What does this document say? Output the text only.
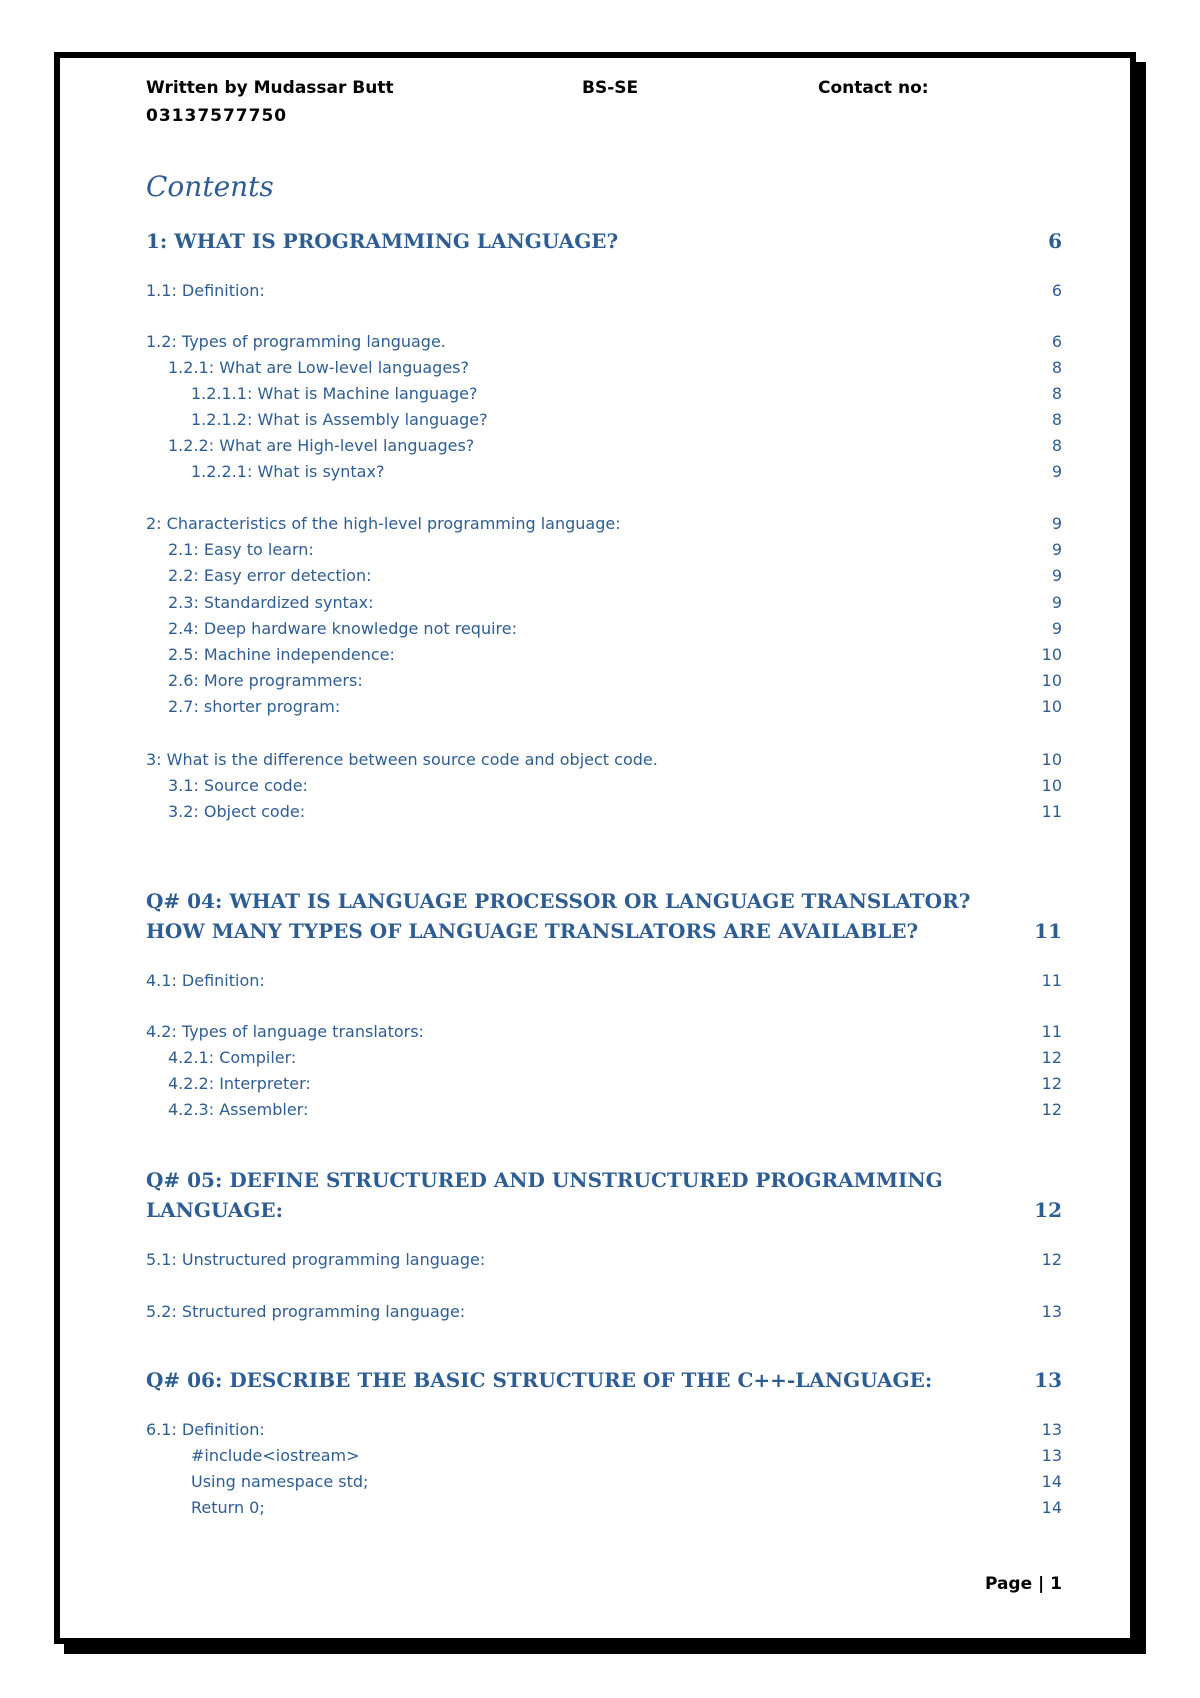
Written by Mudassar Butt	BS-SE	Contact no:
03137577750
Contents
1: WHAT IS PROGRAMMING LANGUAGE?	6
1.1: Definition:	6
1.2: Types of programming language.	6
1.2.1: What are Low-level languages?	8
1.2.1.1: What is Machine language?	8
1.2.1.2: What is Assembly language?	8
1.2.2: What are High-level languages?	8
1.2.2.1: What is syntax?	9
2: Characteristics of the high-level programming language:	9
2.1: Easy to learn:	9
2.2: Easy error detection:	9
2.3: Standardized syntax:	9
2.4: Deep hardware knowledge not require:	9
2.5: Machine independence:	10
2.6: More programmers:	10
2.7: shorter program:	10
3: What is the difference between source code and object code.	10
3.1: Source code:	10
3.2: Object code:	11
Q# 04: WHAT IS LANGUAGE PROCESSOR OR LANGUAGE TRANSLATOR? HOW MANY TYPES OF LANGUAGE TRANSLATORS ARE AVAILABLE?	11
4.1: Definition:	11
4.2: Types of language translators:	11
4.2.1: Compiler:	12
4.2.2: Interpreter:	12
4.2.3: Assembler:	12
Q# 05: DEFINE STRUCTURED AND UNSTRUCTURED PROGRAMMING LANGUAGE:	12
5.1: Unstructured programming language:	12
5.2: Structured programming language:	13
Q# 06: DESCRIBE THE BASIC STRUCTURE OF THE C++-LANGUAGE:	13
6.1: Definition:	13
#include<iostream>	13
Using namespace std;	14
Return 0;	14
Page | 1
